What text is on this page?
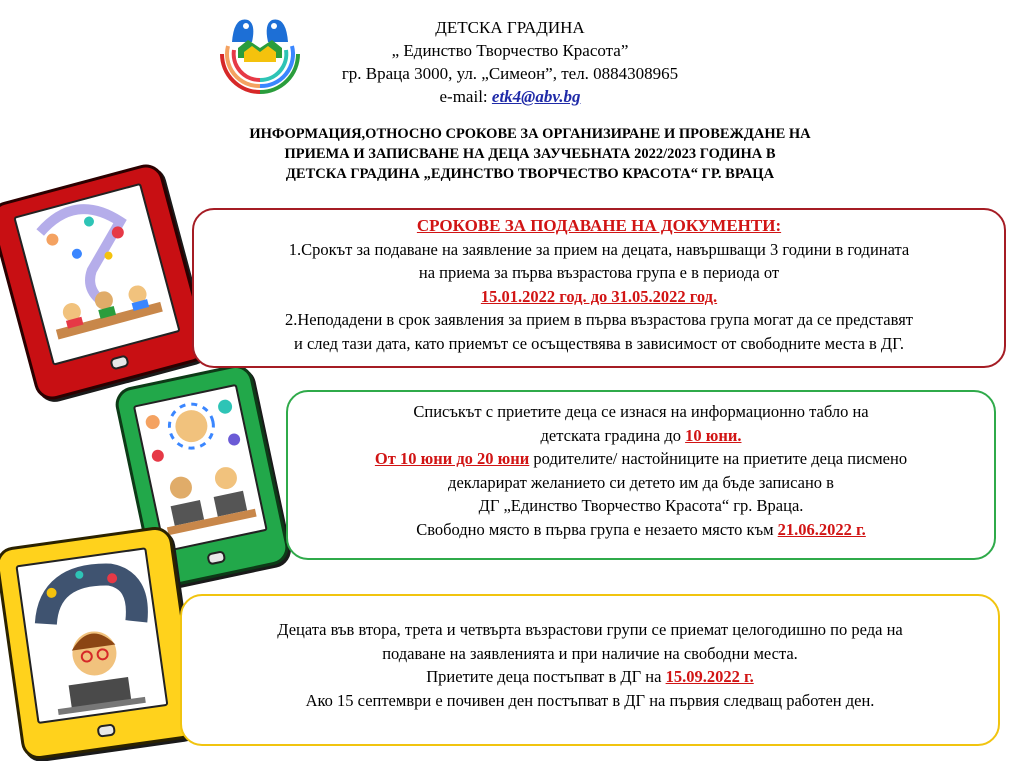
ДЕТСКА ГРАДИНА
„ Единство Творчество Красота”
гр. Враца 3000, ул. „Симеон”, тел. 0884308965
e-mail: etk4@abv.bg
ИНФОРМАЦИЯ,ОТНОСНО СРОКОВЕ ЗА ОРГАНИЗИРАНЕ И ПРОВЕЖДАНЕ НА
ПРИЕМА И ЗАПИСВАНЕ НА ДЕЦА ЗАУЧЕБНАТА 2022/2023 ГОДИНА В
ДЕТСКА ГРАДИНА „ЕДИНСТВО ТВОРЧЕСТВО КРАСОТА“ ГР. ВРАЦА
СРОКОВЕ ЗА ПОДАВАНЕ НА ДОКУМЕНТИ:
1.Срокът за подаване на заявление за прием на децата, навършващи 3 години в годината
на приема за първа възрастова група е в периода от
15.01.2022 год. до 31.05.2022 год.
2.Неподадени в срок заявления за прием в първа възрастова група могат да се представят
и след тази дата, като приемът се осъществява в зависимост от свободните места в ДГ.
Списъкът с приетите деца се изнася на информационно табло на
детската градина до 10 юни.
От 10 юни до 20 юни родителите/ настойниците на приетите деца писмено
декларират желанието си детето им да бъде записано в
ДГ „Единство Творчество Красота“ гр. Враца.
Свободно място в първа група е незаето място към 21.06.2022 г.
Децата във втора, трета и четвърта възрастови групи се приемат целогодишно по реда на
подаване на заявленията и при наличие на свободни места.
Приетите деца постъпват в ДГ на 15.09.2022 г.
Ако 15 септември е почивен ден постъпват в ДГ на първия следващ работен ден.
